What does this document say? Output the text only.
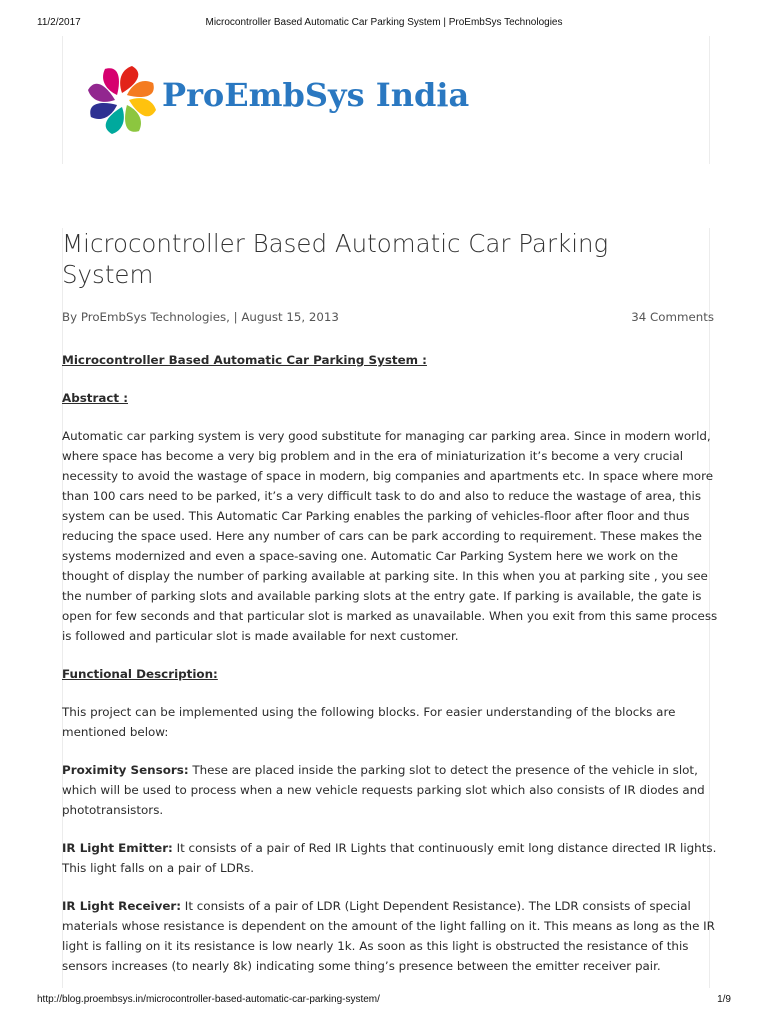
11/2/2017	Microcontroller Based Automatic Car Parking System | ProEmbSys Technologies
ProEmbSys India
Microcontroller Based Automatic Car Parking System
By ProEmbSys Technologies, | August 15, 2013	34 Comments

Microcontroller Based Automatic Car Parking System :

Abstract :

Automatic car parking system is very good substitute for managing car parking area. Since in modern world, where space has become a very big problem and in the era of miniaturization it’s become a very crucial necessity to avoid the wastage of space in modern, big companies and apartments etc. In space where more than 100 cars need to be parked, it’s a very difficult task to do and also to reduce the wastage of area, this system can be used. This Automatic Car Parking enables the parking of vehicles-floor after floor and thus reducing the space used. Here any number of cars can be park according to requirement. These makes the systems modernized and even a space-saving one. Automatic Car Parking System here we work on the thought of display the number of parking available at parking site. In this when you at parking site , you see the number of parking slots and available parking slots at the entry gate. If parking is available, the gate is open for few seconds and that particular slot is marked as unavailable. When you exit from this same process is followed and particular slot is made available for next customer.

Functional Description:

This project can be implemented using the following blocks. For easier understanding of the blocks are mentioned below:

Proximity Sensors: These are placed inside the parking slot to detect the presence of the vehicle in slot, which will be used to process when a new vehicle requests parking slot which also consists of IR diodes and phototransistors.

IR Light Emitter: It consists of a pair of Red IR Lights that continuously emit long distance directed IR lights. This light falls on a pair of LDRs.

IR Light Receiver: It consists of a pair of LDR (Light Dependent Resistance). The LDR consists of special materials whose resistance is dependent on the amount of the light falling on it. This means as long as the IR light is falling on it its resistance is low nearly 1k. As soon as this light is obstructed the resistance of this sensors increases (to nearly 8k) indicating some thing’s presence between the emitter receiver pair.

http://blog.proembsys.in/microcontroller-based-automatic-car-parking-system/	1/9
